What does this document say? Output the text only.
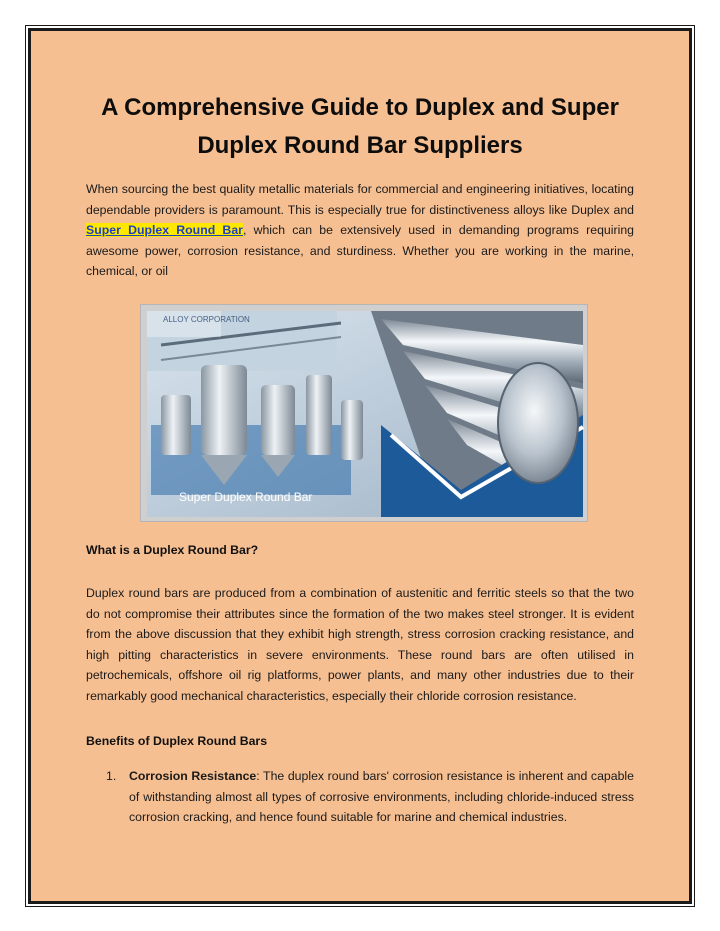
A Comprehensive Guide to Duplex and Super Duplex Round Bar Suppliers

When sourcing the best quality metallic materials for commercial and engineering initiatives, locating dependable providers is paramount. This is especially true for distinctiveness alloys like Duplex and Super Duplex Round Bar, which can be extensively used in demanding programs requiring awesome power, corrosion resistance, and sturdiness. Whether you are working in the marine, chemical, or oil

ALLOY CORPORATION
Super Duplex Round Bar

What is a Duplex Round Bar?

Duplex round bars are produced from a combination of austenitic and ferritic steels so that the two do not compromise their attributes since the formation of the two makes steel stronger. It is evident from the above discussion that they exhibit high strength, stress corrosion cracking resistance, and high pitting characteristics in severe environments. These round bars are often utilised in petrochemicals, offshore oil rig platforms, power plants, and many other industries due to their remarkably good mechanical characteristics, especially their chloride corrosion resistance.

Benefits of Duplex Round Bars

1. Corrosion Resistance: The duplex round bars' corrosion resistance is inherent and capable of withstanding almost all types of corrosive environments, including chloride-induced stress corrosion cracking, and hence found suitable for marine and chemical industries.
